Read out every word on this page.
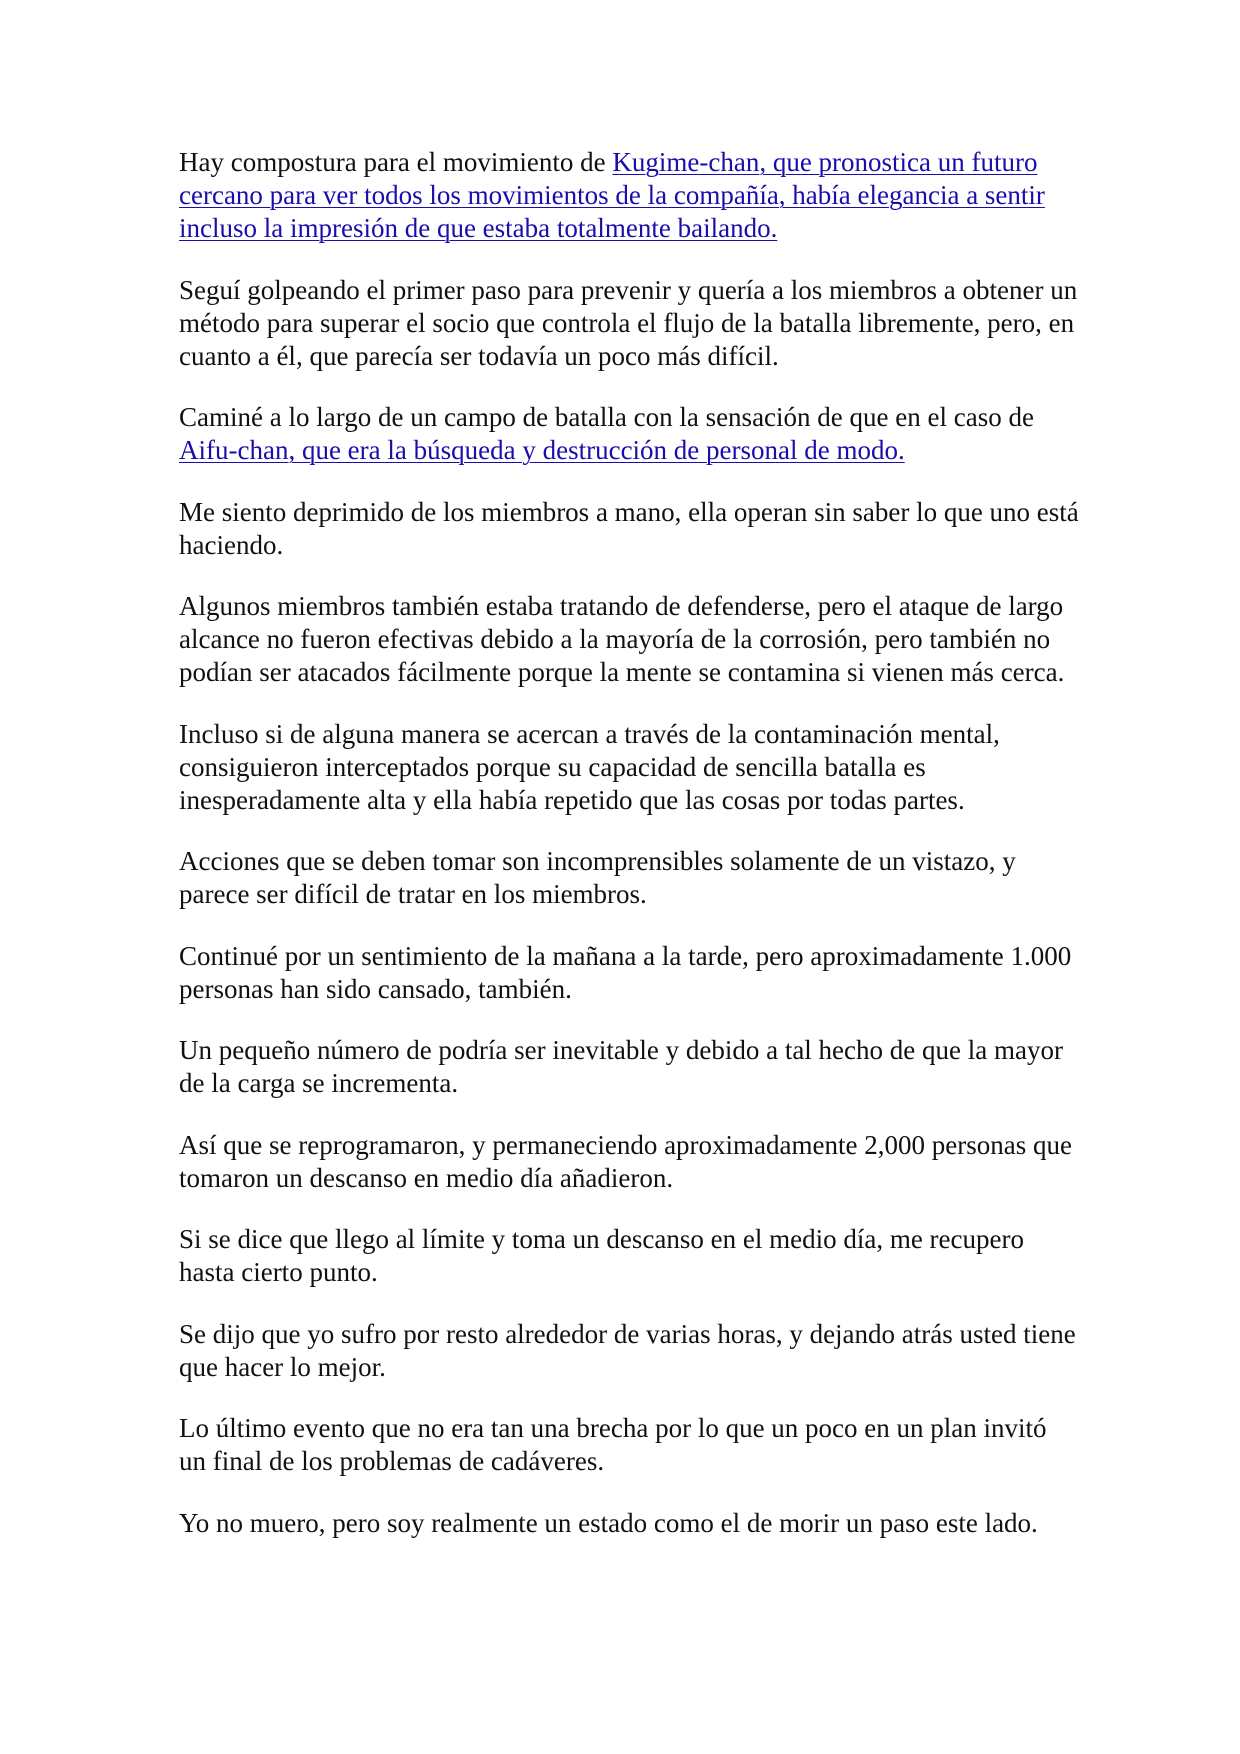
Hay compostura para el movimiento de Kugime-chan, que pronostica un futuro cercano para ver todos los movimientos de la compañía, había elegancia a sentir incluso la impresión de que estaba totalmente bailando.

Seguí golpeando el primer paso para prevenir y quería a los miembros a obtener un método para superar el socio que controla el flujo de la batalla libremente, pero, en cuanto a él, que parecía ser todavía un poco más difícil.

Caminé a lo largo de un campo de batalla con la sensación de que en el caso de Aifu-chan, que era la búsqueda y destrucción de personal de modo.

Me siento deprimido de los miembros a mano, ella operan sin saber lo que uno está haciendo.

Algunos miembros también estaba tratando de defenderse, pero el ataque de largo alcance no fueron efectivas debido a la mayoría de la corrosión, pero también no podían ser atacados fácilmente porque la mente se contamina si vienen más cerca.

Incluso si de alguna manera se acercan a través de la contaminación mental, consiguieron interceptados porque su capacidad de sencilla batalla es inesperadamente alta y ella había repetido que las cosas por todas partes.

Acciones que se deben tomar son incomprensibles solamente de un vistazo, y parece ser difícil de tratar en los miembros.

Continué por un sentimiento de la mañana a la tarde, pero aproximadamente 1.000 personas han sido cansado, también.

Un pequeño número de podría ser inevitable y debido a tal hecho de que la mayor de la carga se incrementa.

Así que se reprogramaron, y permaneciendo aproximadamente 2,000 personas que tomaron un descanso en medio día añadieron.

Si se dice que llego al límite y toma un descanso en el medio día, me recupero hasta cierto punto.

Se dijo que yo sufro por resto alrededor de varias horas, y dejando atrás usted tiene que hacer lo mejor.

Lo último evento que no era tan una brecha por lo que un poco en un plan invitó un final de los problemas de cadáveres.

Yo no muero, pero soy realmente un estado como el de morir un paso este lado.
